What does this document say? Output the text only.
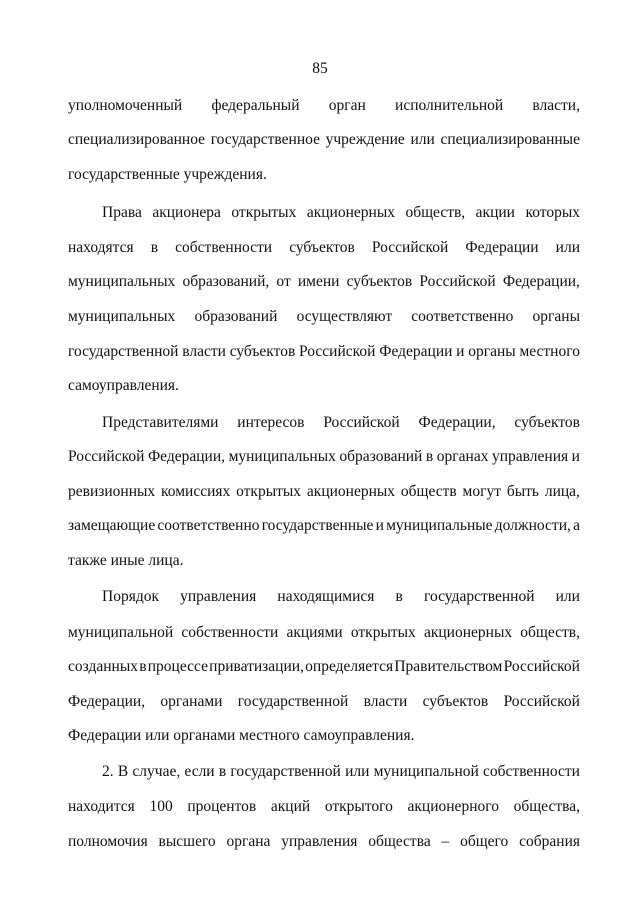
85
уполномоченный федеральный орган исполнительной власти,
специализированное государственное учреждение или специализированные
государственные учреждения.
Права акционера открытых акционерных обществ, акции которых
находятся в собственности субъектов Российской Федерации или
муниципальных образований, от имени субъектов Российской Федерации,
муниципальных образований осуществляют соответственно органы
государственной власти субъектов Российской Федерации и органы местного
самоуправления.
Представителями интересов Российской Федерации, субъектов
Российской Федерации, муниципальных образований в органах управления и
ревизионных комиссиях открытых акционерных обществ могут быть лица,
замещающие соответственно государственные и муниципальные должности, а
также иные лица.
Порядок управления находящимися в государственной или
муниципальной собственности акциями открытых акционерных обществ,
созданных в процессе приватизации, определяется Правительством Российской
Федерации, органами государственной власти субъектов Российской
Федерации или органами местного самоуправления.
2. В случае, если в государственной или муниципальной собственности
находится 100 процентов акций открытого акционерного общества,
полномочия высшего органа управления общества – общего собрания
